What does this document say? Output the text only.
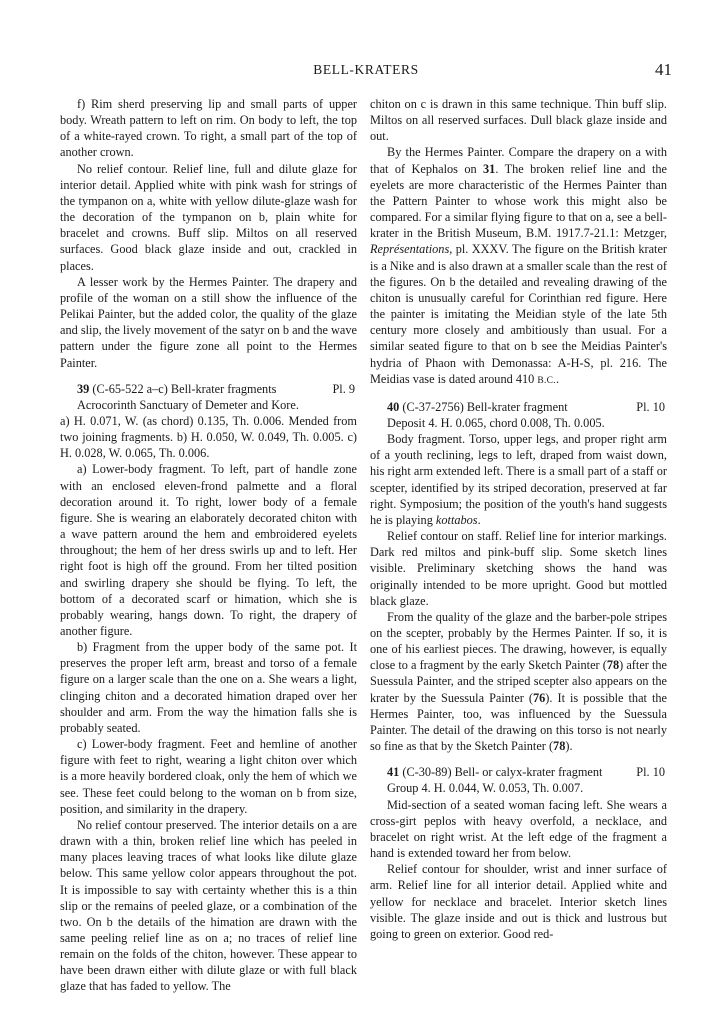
BELL-KRATERS	41

f) Rim sherd preserving lip and small parts of upper body. Wreath pattern to left on rim. On body to left, the top of a white-rayed crown. To right, a small part of the top of another crown.

No relief contour. Relief line, full and dilute glaze for interior detail. Applied white with pink wash for strings of the tympanon on a, white with yellow dilute-glaze wash for the decoration of the tympanon on b, plain white for bracelet and crowns. Buff slip. Miltos on all reserved surfaces. Good black glaze inside and out, crackled in places.

A lesser work by the Hermes Painter. The drapery and profile of the woman on a still show the influence of the Pelikai Painter, but the added color, the quality of the glaze and slip, the lively movement of the satyr on b and the wave pattern under the figure zone all point to the Hermes Painter.

39 (C-65-522 a–c) Bell-krater fragments	Pl. 9

Acrocorinth Sanctuary of Demeter and Kore.

a) H. 0.071, W. (as chord) 0.135, Th. 0.006. Mended from two joining fragments. b) H. 0.050, W. 0.049, Th. 0.005. c) H. 0.028, W. 0.065, Th. 0.006.

a) Lower-body fragment. To left, part of handle zone with an enclosed eleven-frond palmette and a floral decoration around it. To right, lower body of a female figure. She is wearing an elaborately decorated chiton with a wave pattern around the hem and embroidered eyelets throughout; the hem of her dress swirls up and to left. Her right foot is high off the ground. From her tilted position and swirling drapery she should be flying. To left, the bottom of a decorated scarf or himation, which she is probably wearing, hangs down. To right, the drapery of another figure.

b) Fragment from the upper body of the same pot. It preserves the proper left arm, breast and torso of a female figure on a larger scale than the one on a. She wears a light, clinging chiton and a decorated himation draped over her shoulder and arm. From the way the himation falls she is probably seated.

c) Lower-body fragment. Feet and hemline of another figure with feet to right, wearing a light chiton over which is a more heavily bordered cloak, only the hem of which we see. These feet could belong to the woman on b from size, position, and similarity in the drapery.

No relief contour preserved. The interior details on a are drawn with a thin, broken relief line which has peeled in many places leaving traces of what looks like dilute glaze below. This same yellow color appears throughout the pot. It is impossible to say with certainty whether this is a thin slip or the remains of peeled glaze, or a combination of the two. On b the details of the himation are drawn with the same peeling relief line as on a; no traces of relief line remain on the folds of the chiton, however. These appear to have been drawn either with dilute glaze or with full black glaze that has faded to yellow. The

chiton on c is drawn in this same technique. Thin buff slip. Miltos on all reserved surfaces. Dull black glaze inside and out.

By the Hermes Painter. Compare the drapery on a with that of Kephalos on 31. The broken relief line and the eyelets are more characteristic of the Hermes Painter than the Pattern Painter to whose work this might also be compared. For a similar flying figure to that on a, see a bell-krater in the British Museum, B.M. 1917.7-21.1: Metzger, Représentations, pl. XXXV. The figure on the British krater is a Nike and is also drawn at a smaller scale than the rest of the figures. On b the detailed and revealing drawing of the chiton is unusually careful for Corinthian red figure. Here the painter is imitating the Meidian style of the late 5th century more closely and ambitiously than usual. For a similar seated figure to that on b see the Meidias Painter's hydria of Phaon with Demonassa: A-H-S, pl. 216. The Meidias vase is dated around 410 B.C..

40 (C-37-2756) Bell-krater fragment	Pl. 10

Deposit 4. H. 0.065, chord 0.008, Th. 0.005.

Body fragment. Torso, upper legs, and proper right arm of a youth reclining, legs to left, draped from waist down, his right arm extended left. There is a small part of a staff or scepter, identified by its striped decoration, preserved at far right. Symposium; the position of the youth's hand suggests he is playing kottabos.

Relief contour on staff. Relief line for interior markings. Dark red miltos and pink-buff slip. Some sketch lines visible. Preliminary sketching shows the hand was originally intended to be more upright. Good but mottled black glaze.

From the quality of the glaze and the barber-pole stripes on the scepter, probably by the Hermes Painter. If so, it is one of his earliest pieces. The drawing, however, is equally close to a fragment by the early Sketch Painter (78) after the Suessula Painter, and the striped scepter also appears on the krater by the Suessula Painter (76). It is possible that the Hermes Painter, too, was influenced by the Suessula Painter. The detail of the drawing on this torso is not nearly so fine as that by the Sketch Painter (78).

41 (C-30-89) Bell- or calyx-krater fragment	Pl. 10

Group 4. H. 0.044, W. 0.053, Th. 0.007.

Mid-section of a seated woman facing left. She wears a cross-girt peplos with heavy overfold, a necklace, and bracelet on right wrist. At the left edge of the fragment a hand is extended toward her from below.

Relief contour for shoulder, wrist and inner surface of arm. Relief line for all interior detail. Applied white and yellow for necklace and bracelet. Interior sketch lines visible. The glaze inside and out is thick and lustrous but going to green on exterior. Good red-
